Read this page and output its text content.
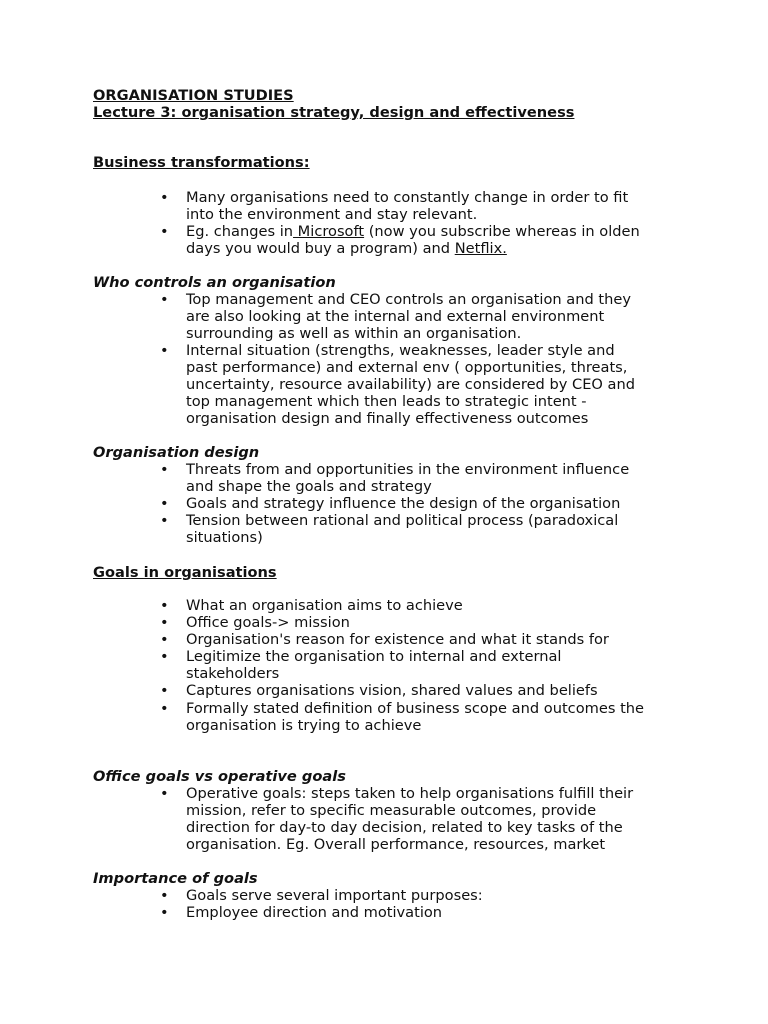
ORGANISATION STUDIES
Lecture 3: organisation strategy, design and effectiveness
Business transformations:
• Many organisations need to constantly change in order to fit
into the environment and stay relevant.
• Eg. changes in Microsoft (now you subscribe whereas in olden
days you would buy a program) and Netflix.
Who controls an organisation
• Top management and CEO controls an organisation and they
are also looking at the internal and external environment
surrounding as well as within an organisation.
• Internal situation (strengths, weaknesses, leader style and
past performance) and external env ( opportunities, threats,
uncertainty, resource availability) are considered by CEO and
top management which then leads to strategic intent -
organisation design and finally effectiveness outcomes
Organisation design
• Threats from and opportunities in the environment influence
and shape the goals and strategy
• Goals and strategy influence the design of the organisation
• Tension between rational and political process (paradoxical
situations)
Goals in organisations
• What an organisation aims to achieve
• Office goals-> mission
• Organisation's reason for existence and what it stands for
• Legitimize the organisation to internal and external
stakeholders
• Captures organisations vision, shared values and beliefs
• Formally stated definition of business scope and outcomes the
organisation is trying to achieve
Office goals vs operative goals
• Operative goals: steps taken to help organisations fulfill their
mission, refer to specific measurable outcomes, provide
direction for day-to day decision, related to key tasks of the
organisation. Eg. Overall performance, resources, market
Importance of goals
• Goals serve several important purposes:
• Employee direction and motivation
